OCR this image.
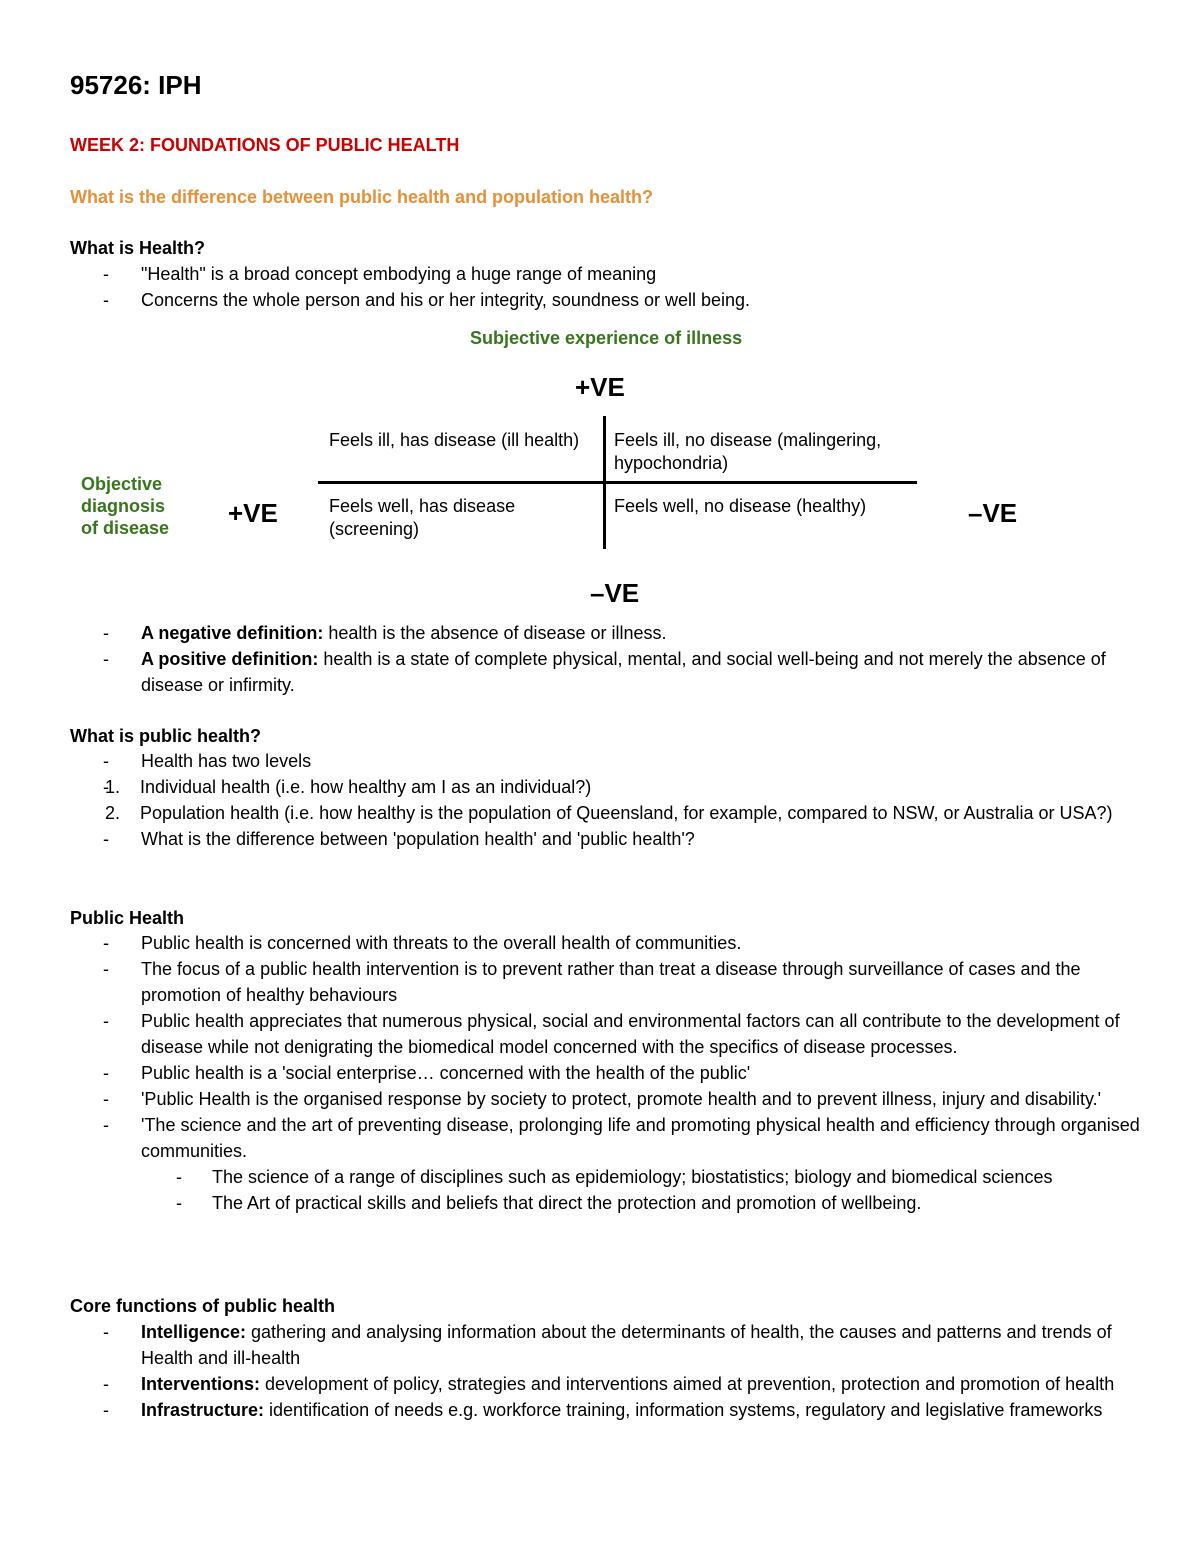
95726: IPH

WEEK 2: FOUNDATIONS OF PUBLIC HEALTH

What is the difference between public health and population health?

What is Health?

- "Health" is a broad concept embodying a huge range of meaning
- Concerns the whole person and his or her integrity, soundness or well being.
Subjective experience of illness
+VE
Objective
diagnosis
of disease +VE	–VE
Feels ill, has disease (ill health)	Feels ill, no disease (malingering, hypochondria)
Feels well, has disease (screening)
Feels well, no disease (healthy)
–VE
- A negative definition: health is the absence of disease or illness.
- A positive definition: health is a state of complete physical, mental, and social well-being and not merely the absence of disease or infirmity.

What is public health?

- Health has two levels
- 1. Individual health (i.e. how healthy am I as an individual?)
2. Population health (i.e. how healthy is the population of Queensland, for example, compared to NSW, or Australia or USA?)
- What is the difference between 'population health' and 'public health'?

Public Health

- Public health is concerned with threats to the overall health of communities.
- The focus of a public health intervention is to prevent rather than treat a disease through surveillance of cases and the promotion of healthy behaviours
- Public health appreciates that numerous physical, social and environmental factors can all contribute to the development of disease while not denigrating the biomedical model concerned with the specifics of disease processes.
- Public health is a 'social enterprise… concerned with the health of the public'
- 'Public Health is the organised response by society to protect, promote health and to prevent illness, injury and disability.'
- 'The science and the art of preventing disease, prolonging life and promoting physical health and efficiency through organised communities.
- The science of a range of disciplines such as epidemiology; biostatistics; biology and biomedical sciences
- The Art of practical skills and beliefs that direct the protection and promotion of wellbeing.

Core functions of public health

- Intelligence: gathering and analysing information about the determinants of health, the causes and patterns and trends of Health and ill-health
- Interventions: development of policy, strategies and interventions aimed at prevention, protection and promotion of health
- Infrastructure: identification of needs e.g. workforce training, information systems, regulatory and legislative frameworks
